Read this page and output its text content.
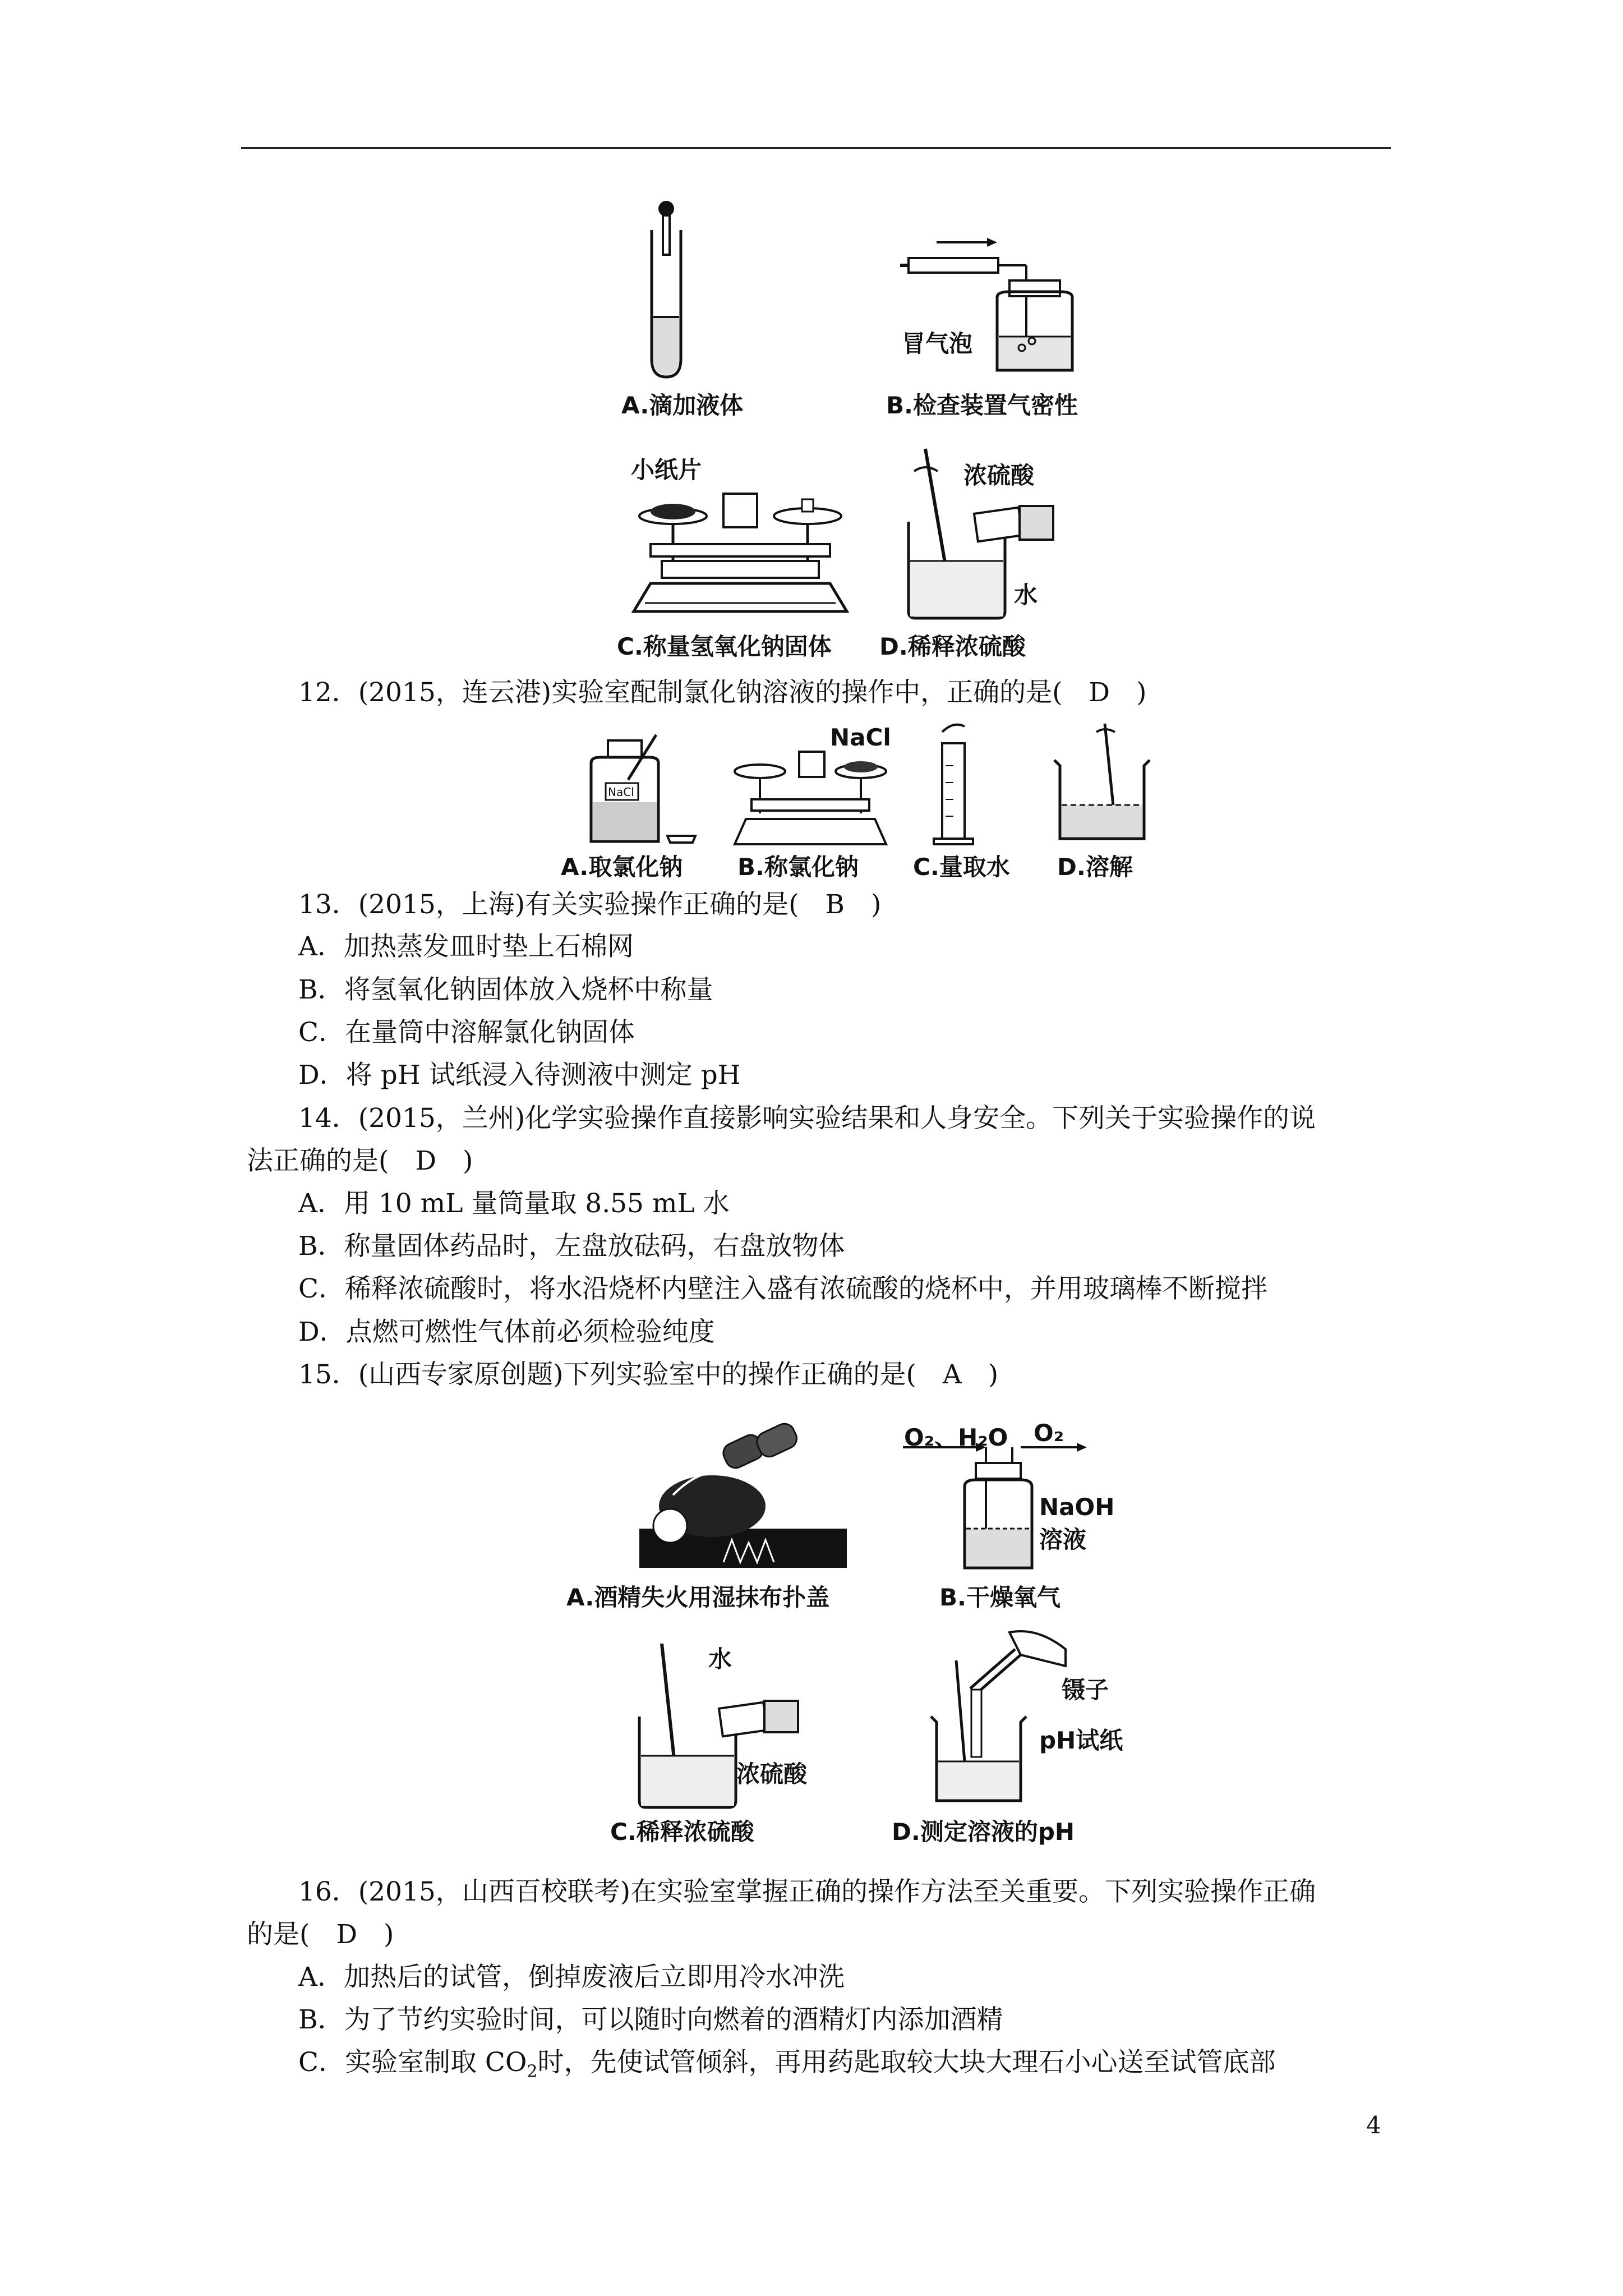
A.滴加液体
冒气泡
B.检查装置气密性
小纸片
C.称量氢氧化钠固体
浓硫酸
水
D.稀释浓硫酸
12．(2015，连云港)实验室配制氯化钠溶液的操作中，正确的是(　D　)
NaCl
A.取氯化钠
NaCl
B.称氯化钠 C.量取水 D.溶解
13．(2015，上海)有关实验操作正确的是(　B　)
A．加热蒸发皿时垫上石棉网
B．将氢氧化钠固体放入烧杯中称量
C．在量筒中溶解氯化钠固体
D．将 pH 试纸浸入待测液中测定 pH
14．(2015，兰州)化学实验操作直接影响实验结果和人身安全。下列关于实验操作的说
法正确的是(　D　)
A．用 10 mL 量筒量取 8.55 mL 水
B．称量固体药品时，左盘放砝码，右盘放物体
C．稀释浓硫酸时，将水沿烧杯内壁注入盛有浓硫酸的烧杯中，并用玻璃棒不断搅拌
D．点燃可燃性气体前必须检验纯度
15．(山西专家原创题)下列实验室中的操作正确的是(　A　)
A.酒精失火用湿抹布扑盖
O₂、H₂O O₂
NaOH
溶液
B.干燥氧气
水
浓硫酸
C.稀释浓硫酸
镊子
pH试纸
D.测定溶液的pH
16．(2015，山西百校联考)在实验室掌握正确的操作方法至关重要。下列实验操作正确
的是(　D　)
A．加热后的试管，倒掉废液后立即用冷水冲洗
B．为了节约实验时间，可以随时向燃着的酒精灯内添加酒精
C．实验室制取 $CO_2$时，先使试管倾斜，再用药匙取较大块大理石小心送至试管底部
4
